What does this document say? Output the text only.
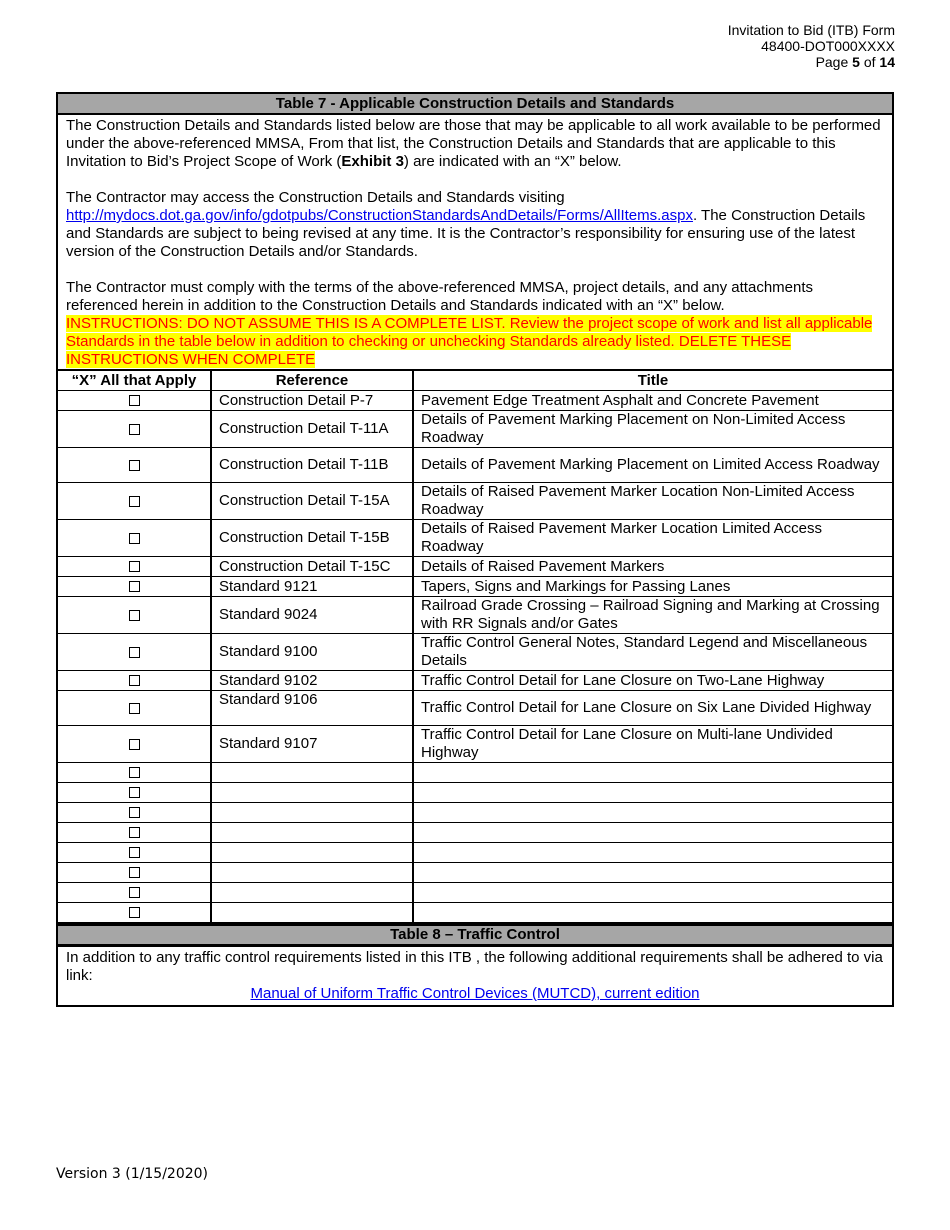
Invitation to Bid (ITB) Form
48400-DOT000XXXX
Page 5 of 14
Table 7 - Applicable Construction Details and Standards

The Construction Details and Standards listed below are those that may be applicable to all work available to be performed under the above-referenced MMSA, From that list, the Construction Details and Standards that are applicable to this Invitation to Bid’s Project Scope of Work (Exhibit 3) are indicated with an “X” below.

The Contractor may access the Construction Details and Standards visiting http://mydocs.dot.ga.gov/info/gdotpubs/ConstructionStandardsAndDetails/Forms/AllItems.aspx. The Construction Details and Standards are subject to being revised at any time. It is the Contractor’s responsibility for ensuring use of the latest version of the Construction Details and/or Standards.

The Contractor must comply with the terms of the above-referenced MMSA, project details, and any attachments referenced herein in addition to the Construction Details and Standards indicated with an “X” below.

INSTRUCTIONS: DO NOT ASSUME THIS IS A COMPLETE LIST. Review the project scope of work and list all applicable Standards in the table below in addition to checking or unchecking Standards already listed. DELETE THESE INSTRUCTIONS WHEN COMPLETE

“X” All that Apply	Reference	Title
	Construction Detail P-7	Pavement Edge Treatment Asphalt and Concrete Pavement
	Construction Detail T-11A	Details of Pavement Marking Placement on Non-Limited Access Roadway
	Construction Detail T-11B	Details of Pavement Marking Placement on Limited Access Roadway
	Construction Detail T-15A	Details of Raised Pavement Marker Location Non-Limited Access Roadway
	Construction Detail T-15B	Details of Raised Pavement Marker Location Limited Access Roadway
	Construction Detail T-15C	Details of Raised Pavement Markers
	Standard 9121	Tapers, Signs and Markings for Passing Lanes
	Standard 9024	Railroad Grade Crossing – Railroad Signing and Marking at Crossing with RR Signals and/or Gates
	Standard 9100	Traffic Control General Notes, Standard Legend and Miscellaneous Details
	Standard 9102	Traffic Control Detail for Lane Closure on Two-Lane Highway
	Standard 9106	Traffic Control Detail for Lane Closure on Six Lane Divided Highway
	Standard 9107	Traffic Control Detail for Lane Closure on Multi-lane Undivided Highway

Table 8 – Traffic Control
In addition to any traffic control requirements listed in this ITB , the following additional requirements shall be adhered to via link:
Manual of Uniform Traffic Control Devices (MUTCD), current edition
Version 3 (1/15/2020)
